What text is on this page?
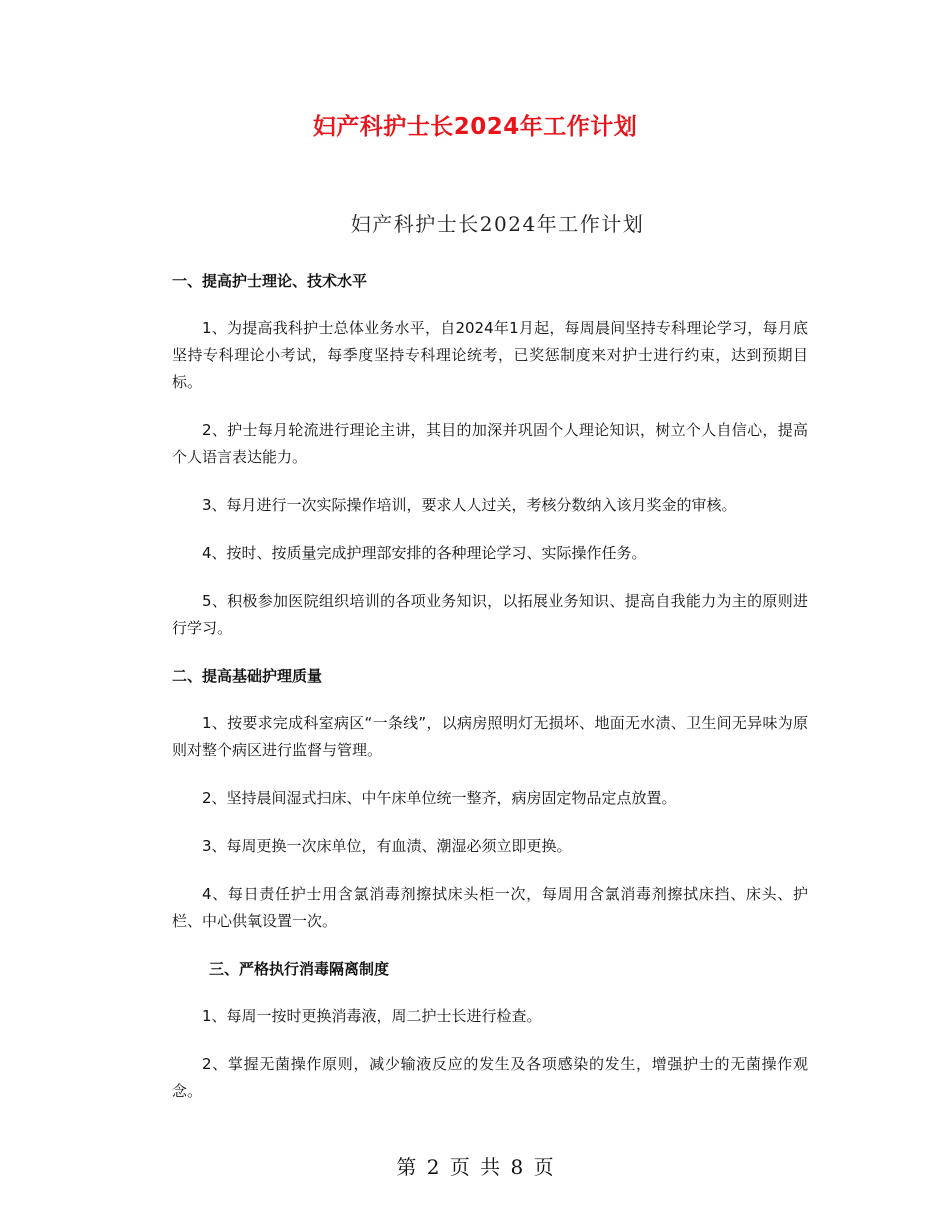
妇产科护士长2024年工作计划
妇产科护士长2024年工作计划
一、提高护士理论、技术水平

1、为提高我科护士总体业务水平，自2024年1月起，每周晨间坚持专科理论学习，每月底坚持专科理论小考试，每季度坚持专科理论统考，已奖惩制度来对护士进行约束，达到预期目标。

2、护士每月轮流进行理论主讲，其目的加深并巩固个人理论知识，树立个人自信心，提高个人语言表达能力。

3、每月进行一次实际操作培训，要求人人过关，考核分数纳入该月奖金的审核。

4、按时、按质量完成护理部安排的各种理论学习、实际操作任务。

5、积极参加医院组织培训的各项业务知识，以拓展业务知识、提高自我能力为主的原则进行学习。

二、提高基础护理质量

1、按要求完成科室病区“一条线”，以病房照明灯无损坏、地面无水渍、卫生间无异味为原则对整个病区进行监督与管理。

2、坚持晨间湿式扫床、中午床单位统一整齐，病房固定物品定点放置。

3、每周更换一次床单位，有血渍、潮湿必须立即更换。

4、每日责任护士用含氯消毒剂擦拭床头柜一次，每周用含氯消毒剂擦拭床挡、床头、护栏、中心供氧设置一次。

三、严格执行消毒隔离制度

1、每周一按时更换消毒液，周二护士长进行检查。

2、掌握无菌操作原则，减少输液反应的发生及各项感染的发生，增强护士的无菌操作观念。

第 2 页 共 8 页
